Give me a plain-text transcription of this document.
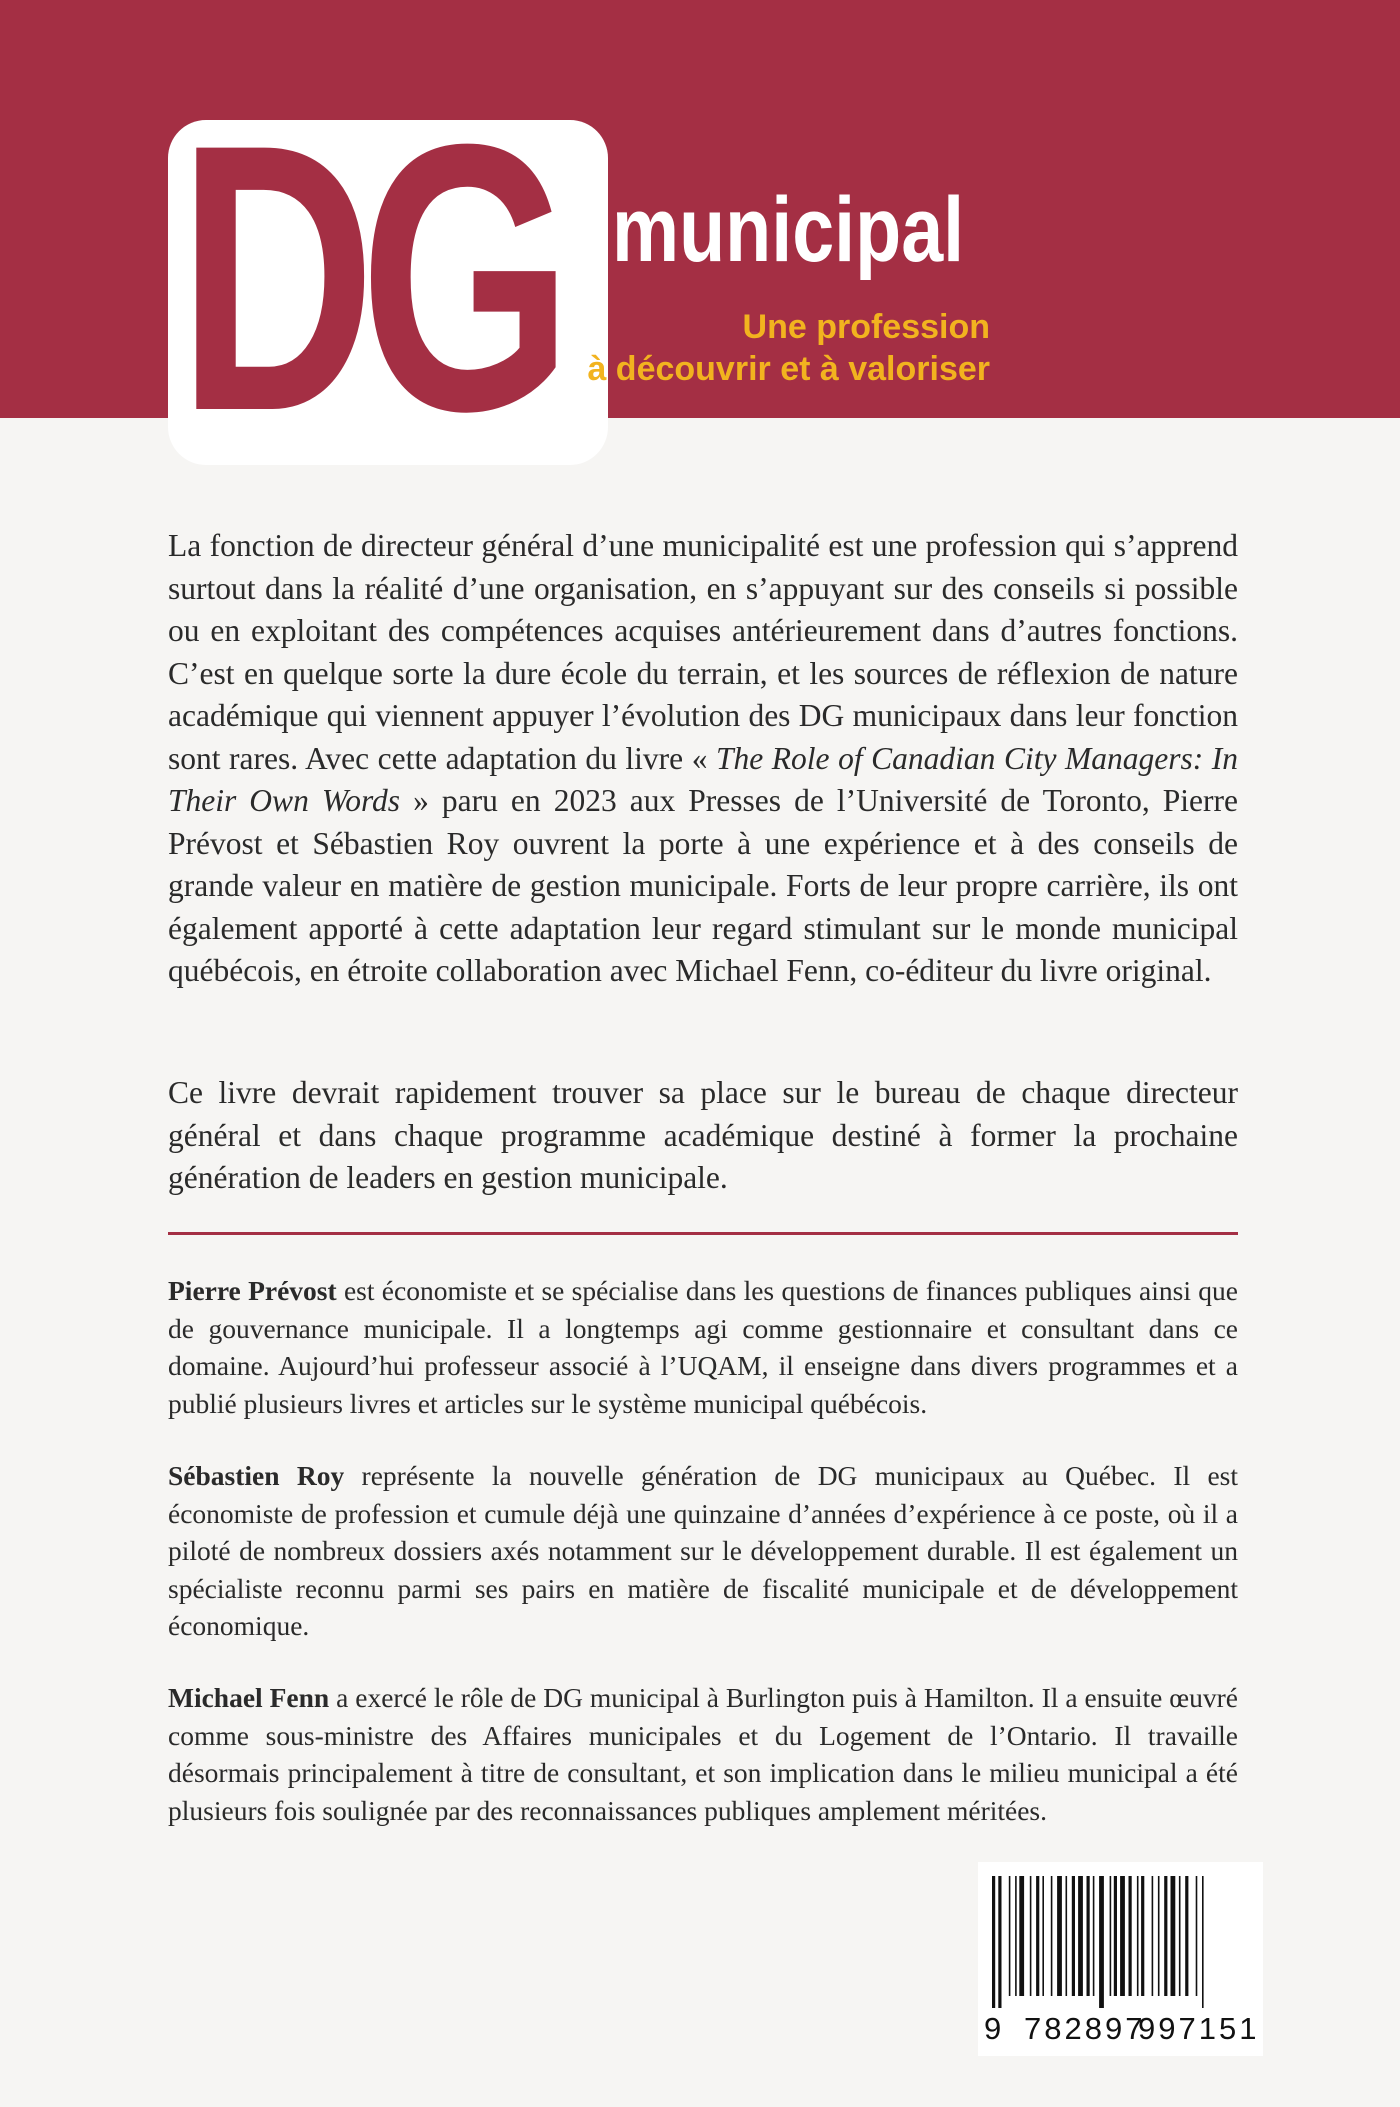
DG municipal
Une profession
à découvrir et à valoriser
La fonction de directeur général d’une municipalité est une profession qui s’apprend surtout dans la réalité d’une organisation, en s’appuyant sur des conseils si possible ou en exploitant des compétences acquises antérieurement dans d’autres fonctions. C’est en quelque sorte la dure école du terrain, et les sources de réflexion de nature académique qui viennent appuyer l’évolution des DG municipaux dans leur fonction sont rares. Avec cette adaptation du livre « The Role of Canadian City Managers: In Their Own Words » paru en 2023 aux Presses de l’Université de Toronto, Pierre Prévost et Sébastien Roy ouvrent la porte à une expérience et à des conseils de grande valeur en matière de gestion municipale. Forts de leur propre carrière, ils ont également apporté à cette adaptation leur regard stimulant sur le monde municipal québécois, en étroite collaboration avec Michael Fenn, co-éditeur du livre original.
Ce livre devrait rapidement trouver sa place sur le bureau de chaque directeur général et dans chaque programme académique destiné à former la prochaine génération de leaders en gestion municipale.
Pierre Prévost est économiste et se spécialise dans les questions de finances publiques ainsi que de gouvernance municipale. Il a longtemps agi comme gestionnaire et consultant dans ce domaine. Aujourd’hui professeur associé à l’UQAM, il enseigne dans divers programmes et a publié plusieurs livres et articles sur le système municipal québécois.
Sébastien Roy représente la nouvelle génération de DG municipaux au Québec. Il est économiste de profession et cumule déjà une quinzaine d’années d’expérience à ce poste, où il a piloté de nombreux dossiers axés notamment sur le développement durable. Il est également un spécialiste reconnu parmi ses pairs en matière de fiscalité municipale et de développement économique.
Michael Fenn a exercé le rôle de DG municipal à Burlington puis à Hamilton. Il a ensuite œuvré comme sous-ministre des Affaires municipales et du Logement de l’Ontario. Il travaille désormais principalement à titre de consultant, et son implication dans le milieu municipal a été plusieurs fois soulignée par des reconnaissances publiques amplement méritées.
9 782897
997151
